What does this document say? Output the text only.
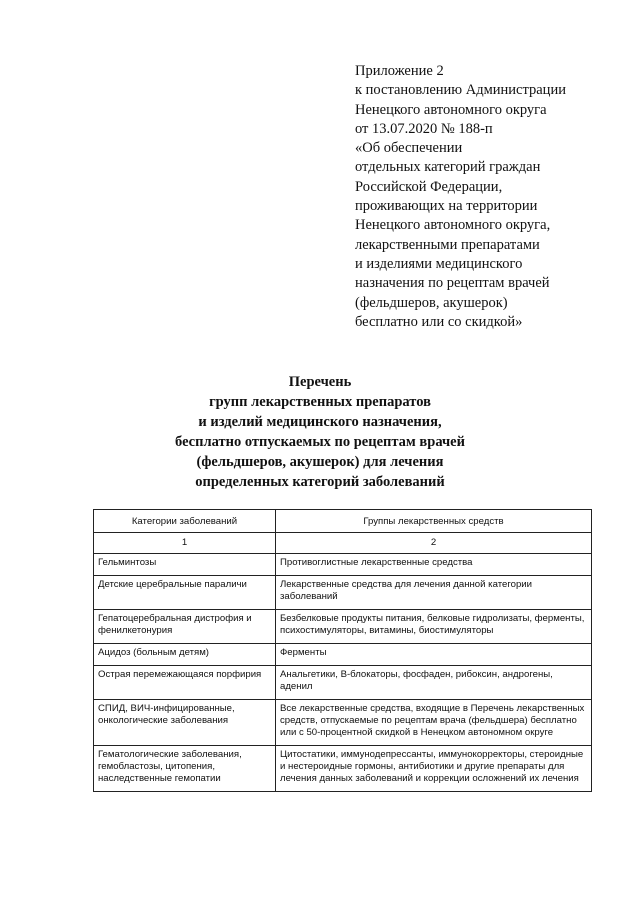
Приложение 2
к постановлению Администрации
Ненецкого автономного округа
от 13.07.2020 № 188-п
«Об обеспечении
отдельных категорий граждан
Российской Федерации,
проживающих на территории
Ненецкого автономного округа,
лекарственными препаратами
и изделиями медицинского
назначения по рецептам врачей
(фельдшеров, акушерок)
бесплатно или со скидкой»
Перечень
групп лекарственных препаратов
и изделий медицинского назначения,
бесплатно отпускаемых по рецептам врачей
(фельдшеров, акушерок) для лечения
определенных категорий заболеваний
Категории заболеваний	Группы лекарственных средств
1	2
Гельминтозы	Противоглистные лекарственные средства
Детские церебральные параличи	Лекарственные средства для лечения данной категории заболеваний
Гепатоцеребральная дистрофия и фенилкетонурия	Безбелковые продукты питания, белковые гидролизаты, ферменты, психостимуляторы, витамины, биостимуляторы
Ацидоз (больным детям)	Ферменты
Острая перемежающаяся порфирия	Анальгетики, В-блокаторы, фосфаден, рибоксин, андрогены, аденил
СПИД, ВИЧ-инфицированные, онкологические заболевания	Все лекарственные средства, входящие в Перечень лекарственных средств, отпускаемые по рецептам врача (фельдшера) бесплатно или с 50-процентной скидкой в Ненецком автономном округе
Гематологические заболевания, гемобластозы, цитопения, наследственные гемопатии	Цитостатики, иммунодепрессанты, иммунокорректоры, стероидные и нестероидные гормоны, антибиотики и другие препараты для лечения данных заболеваний и коррекции осложнений их лечения
